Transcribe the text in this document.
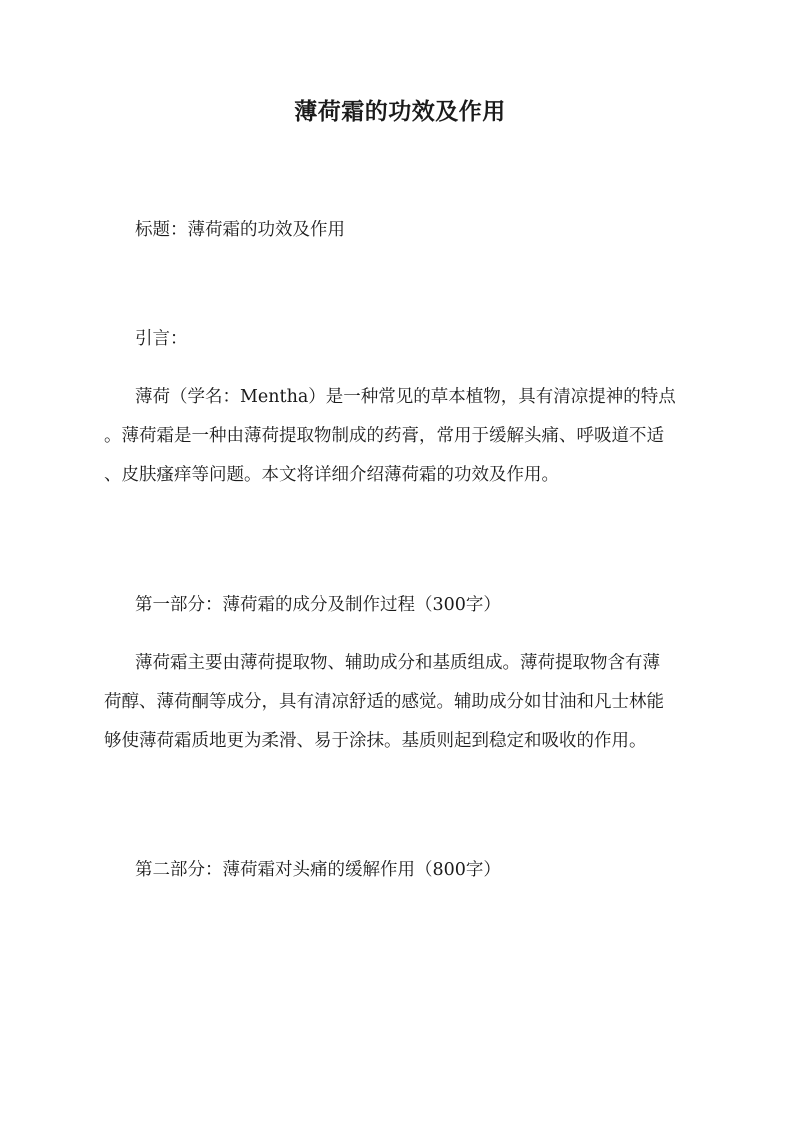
薄荷霜的功效及作用
标题：薄荷霜的功效及作用
引言：
薄荷（学名：Mentha）是一种常见的草本植物，具有清凉提神的特点
。薄荷霜是一种由薄荷提取物制成的药膏，常用于缓解头痛、呼吸道不适
、皮肤瘙痒等问题。本文将详细介绍薄荷霜的功效及作用。
第一部分：薄荷霜的成分及制作过程（300字）
薄荷霜主要由薄荷提取物、辅助成分和基质组成。薄荷提取物含有薄
荷醇、薄荷酮等成分，具有清凉舒适的感觉。辅助成分如甘油和凡士林能
够使薄荷霜质地更为柔滑、易于涂抹。基质则起到稳定和吸收的作用。
第二部分：薄荷霜对头痛的缓解作用（800字）
